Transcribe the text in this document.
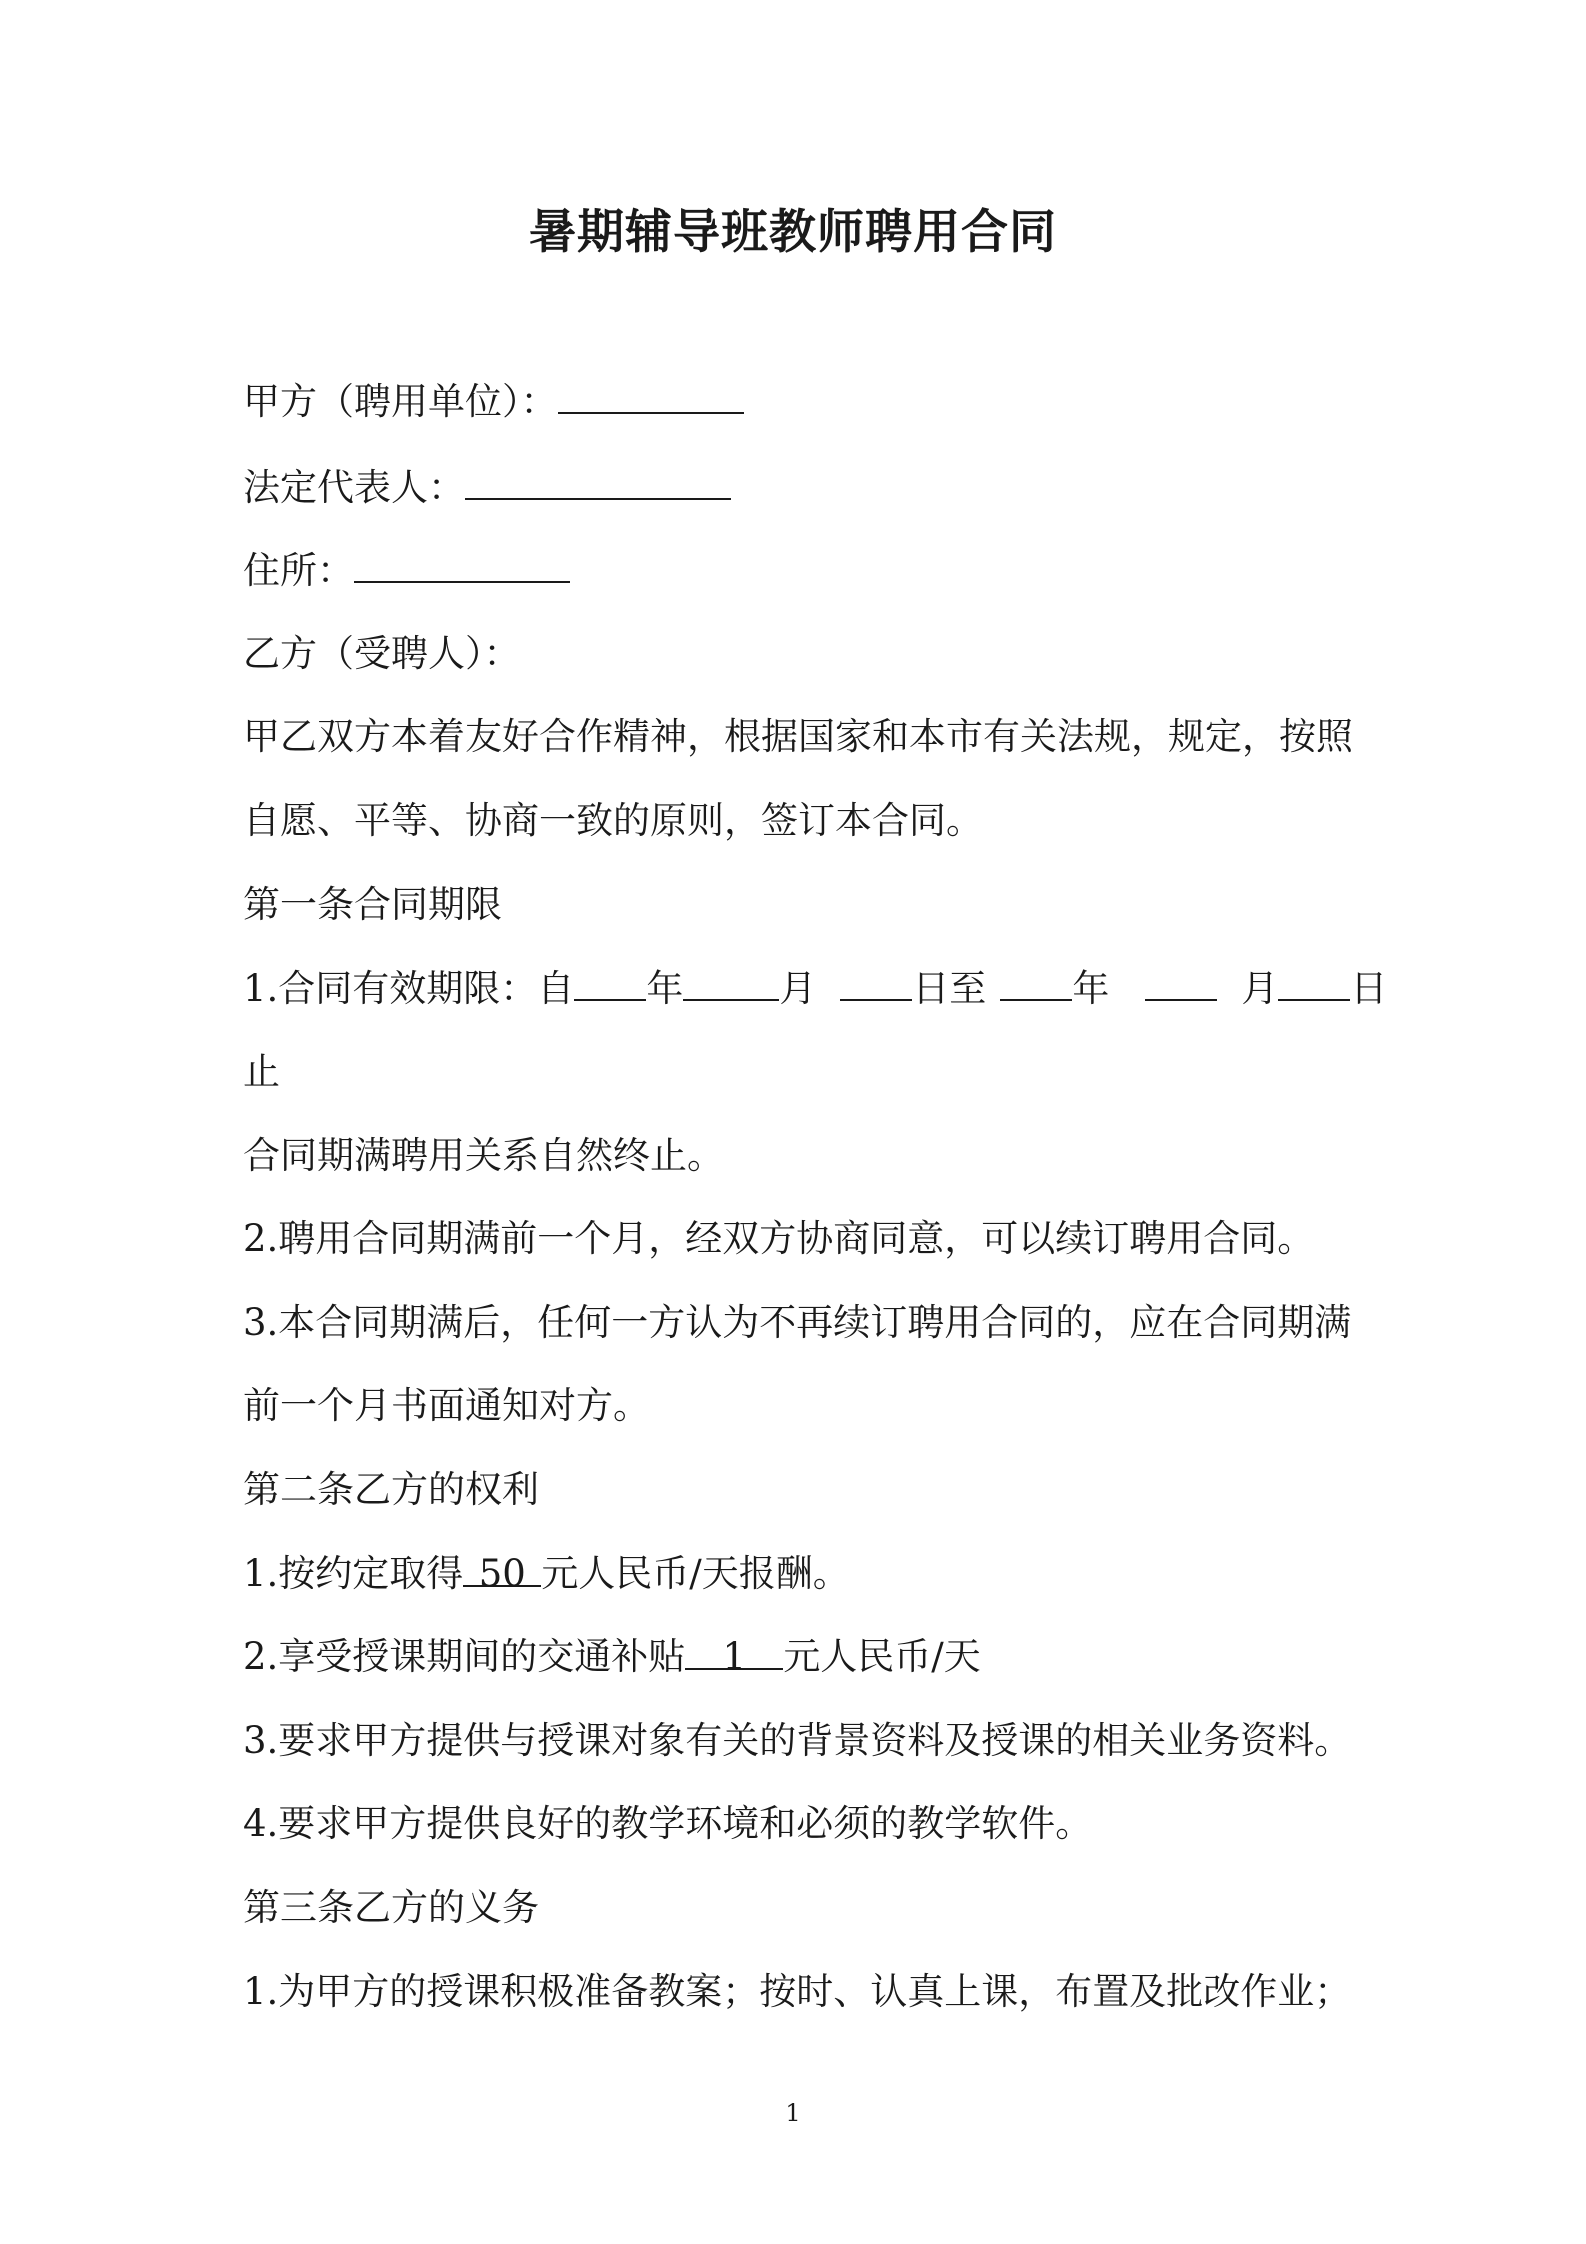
暑期辅导班教师聘用合同
甲方（聘用单位）：
法定代表人：
住所：
乙方（受聘人）：
甲乙双方本着友好合作精神，根据国家和本市有关法规，规定，按照
自愿、平等、协商一致的原则，签订本合同。
第一条合同期限
1.合同有效期限：自 年	月	日至 年	月 日
止
合同期满聘用关系自然终止。
2.聘用合同期满前一个月，经双方协商同意，可以续订聘用合同。
3.本合同期满后，任何一方认为不再续订聘用合同的，应在合同期满
前一个月书面通知对方。
第二条乙方的权利
1.按约定取得 50 元人民币/天报酬。
2.享受授课期间的交通补贴 1 元人民币/天
3.要求甲方提供与授课对象有关的背景资料及授课的相关业务资料。
4.要求甲方提供良好的教学环境和必须的教学软件。
第三条乙方的义务
1.为甲方的授课积极准备教案；按时、认真上课，布置及批改作业；
1
